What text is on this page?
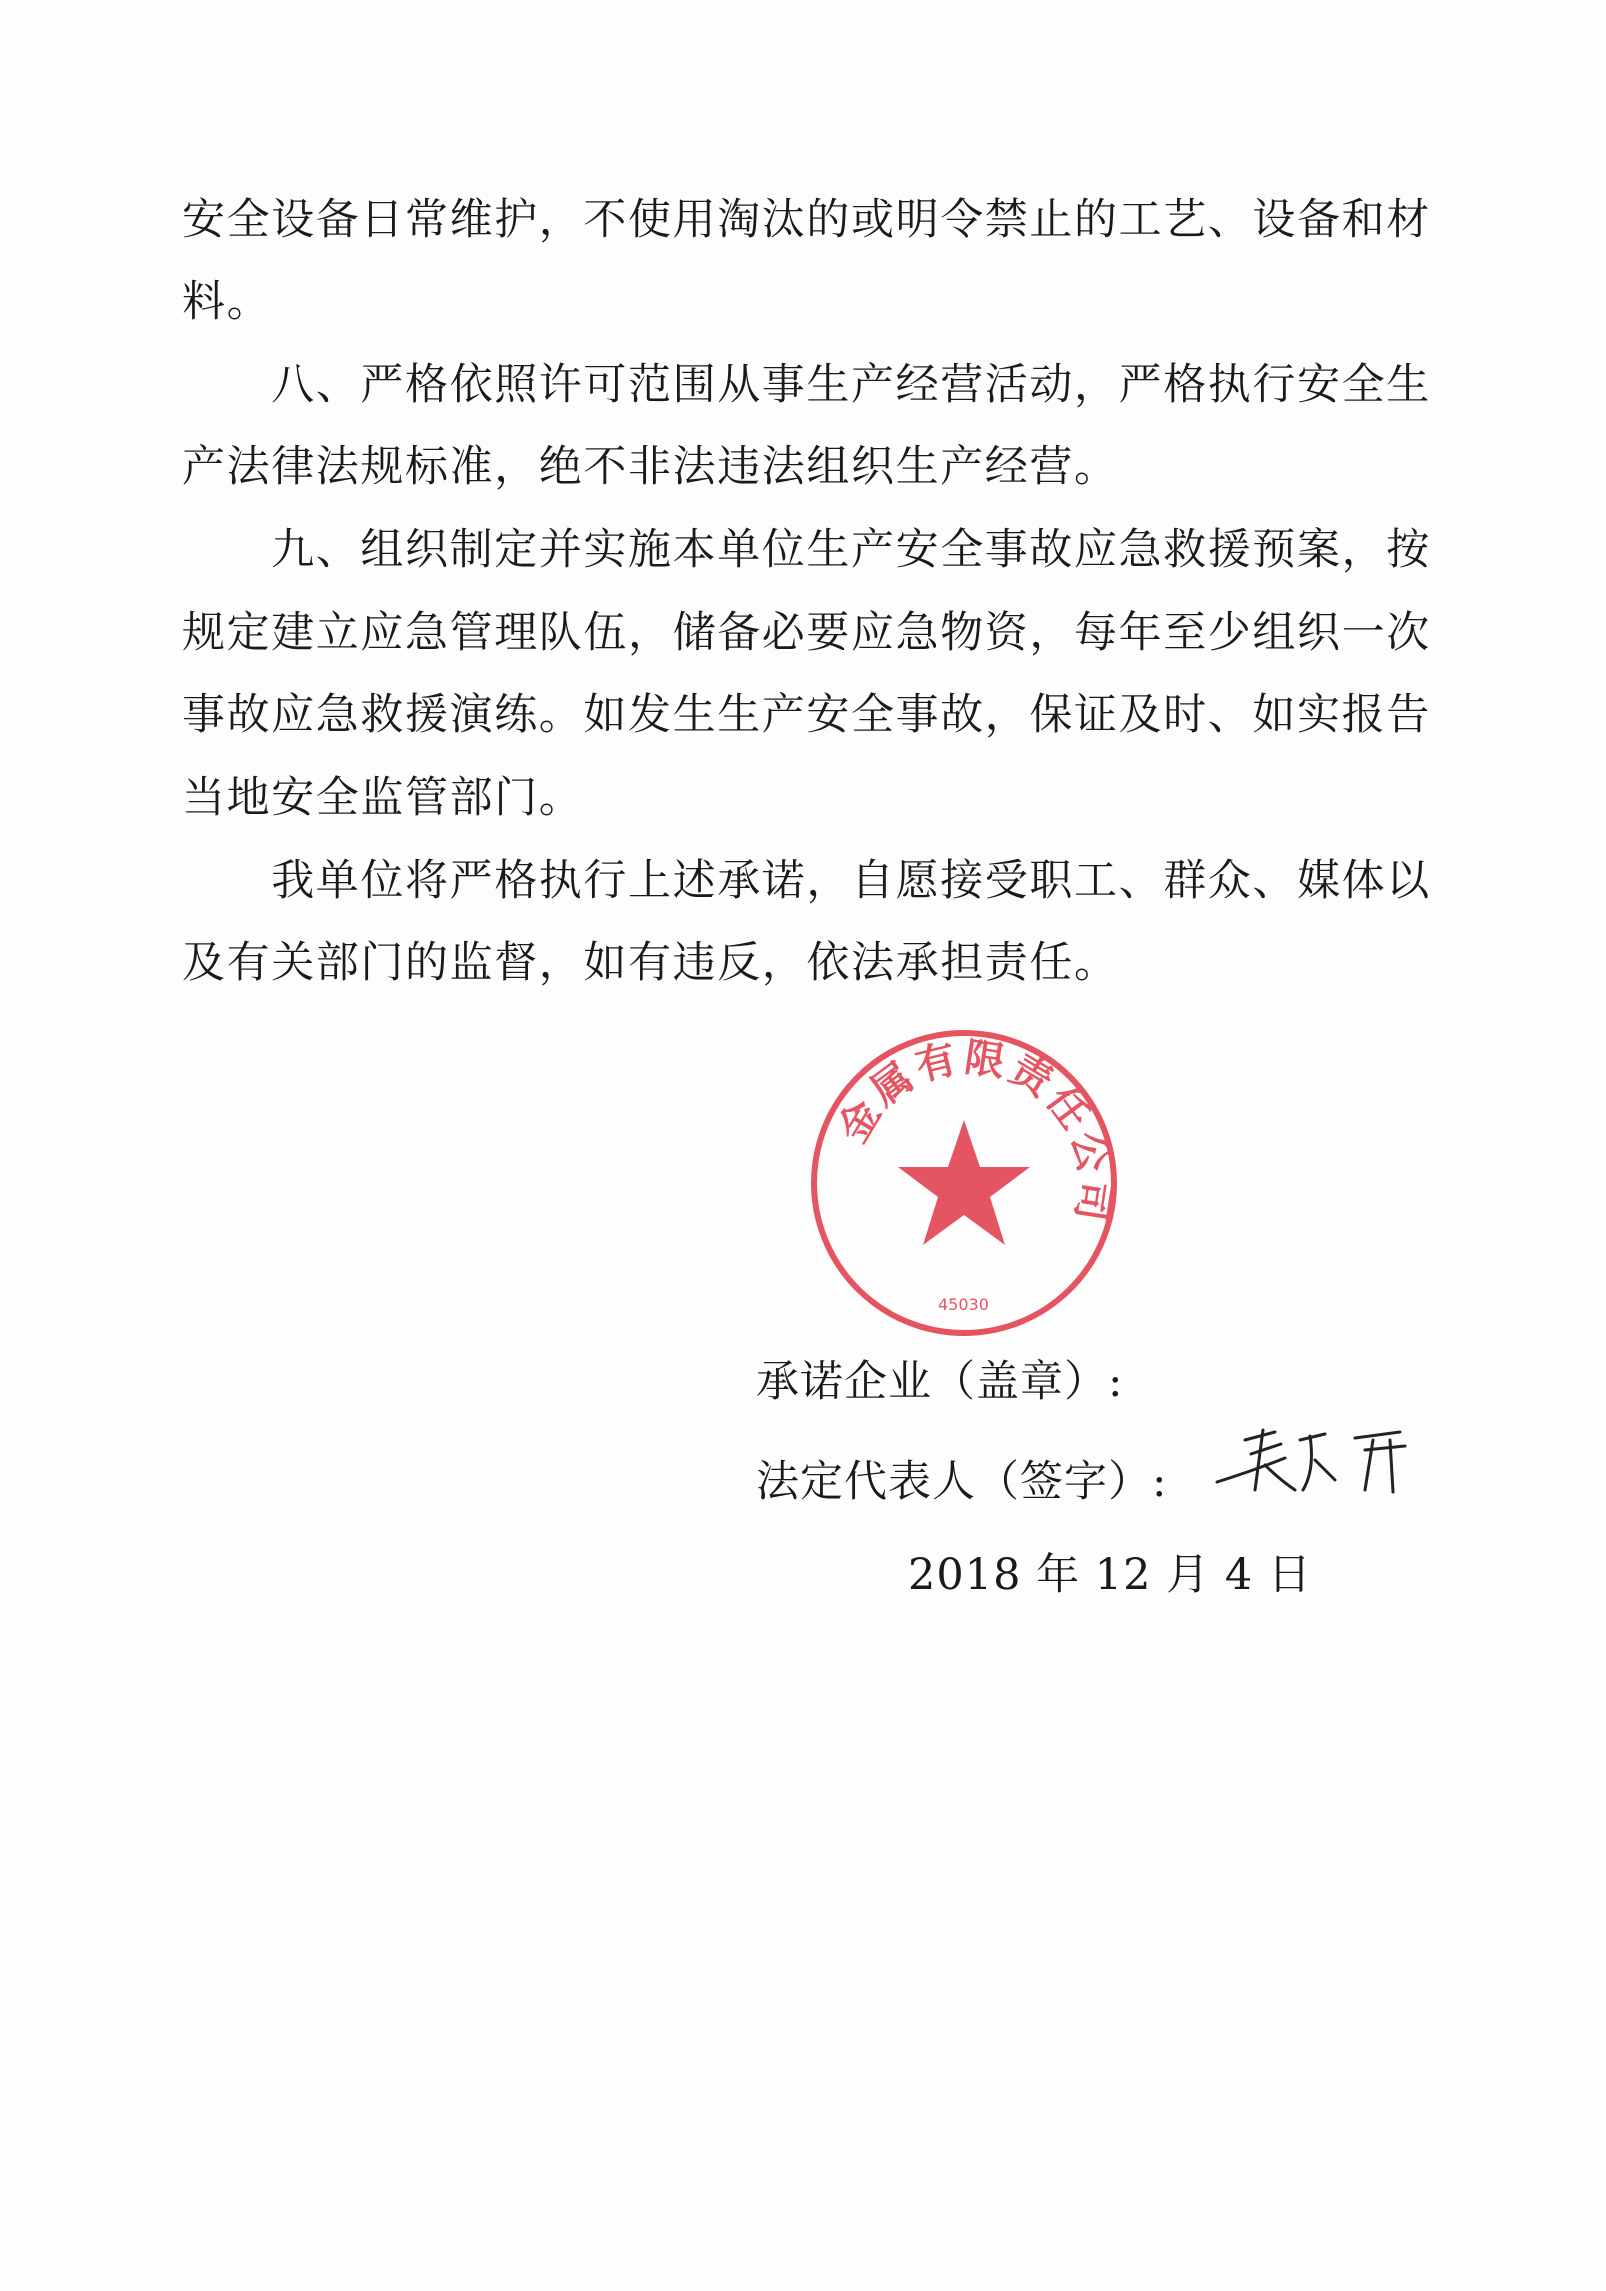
安全设备日常维护，不使用淘汰的或明令禁止的工艺、设备和材
料。
　　八、严格依照许可范围从事生产经营活动，严格执行安全生
产法律法规标准，绝不非法违法组织生产经营。
　　九、组织制定并实施本单位生产安全事故应急救援预案，按
规定建立应急管理队伍，储备必要应急物资，每年至少组织一次
事故应急救援演练。如发生生产安全事故，保证及时、如实报告
当地安全监管部门。
　　我单位将严格执行上述承诺，自愿接受职工、群众、媒体以
及有关部门的监督，如有违反，依法承担责任。
金属有限责任公司
45030
承诺企业（盖章）:
法定代表人（签字）:
2018 年 12 月 4 日
